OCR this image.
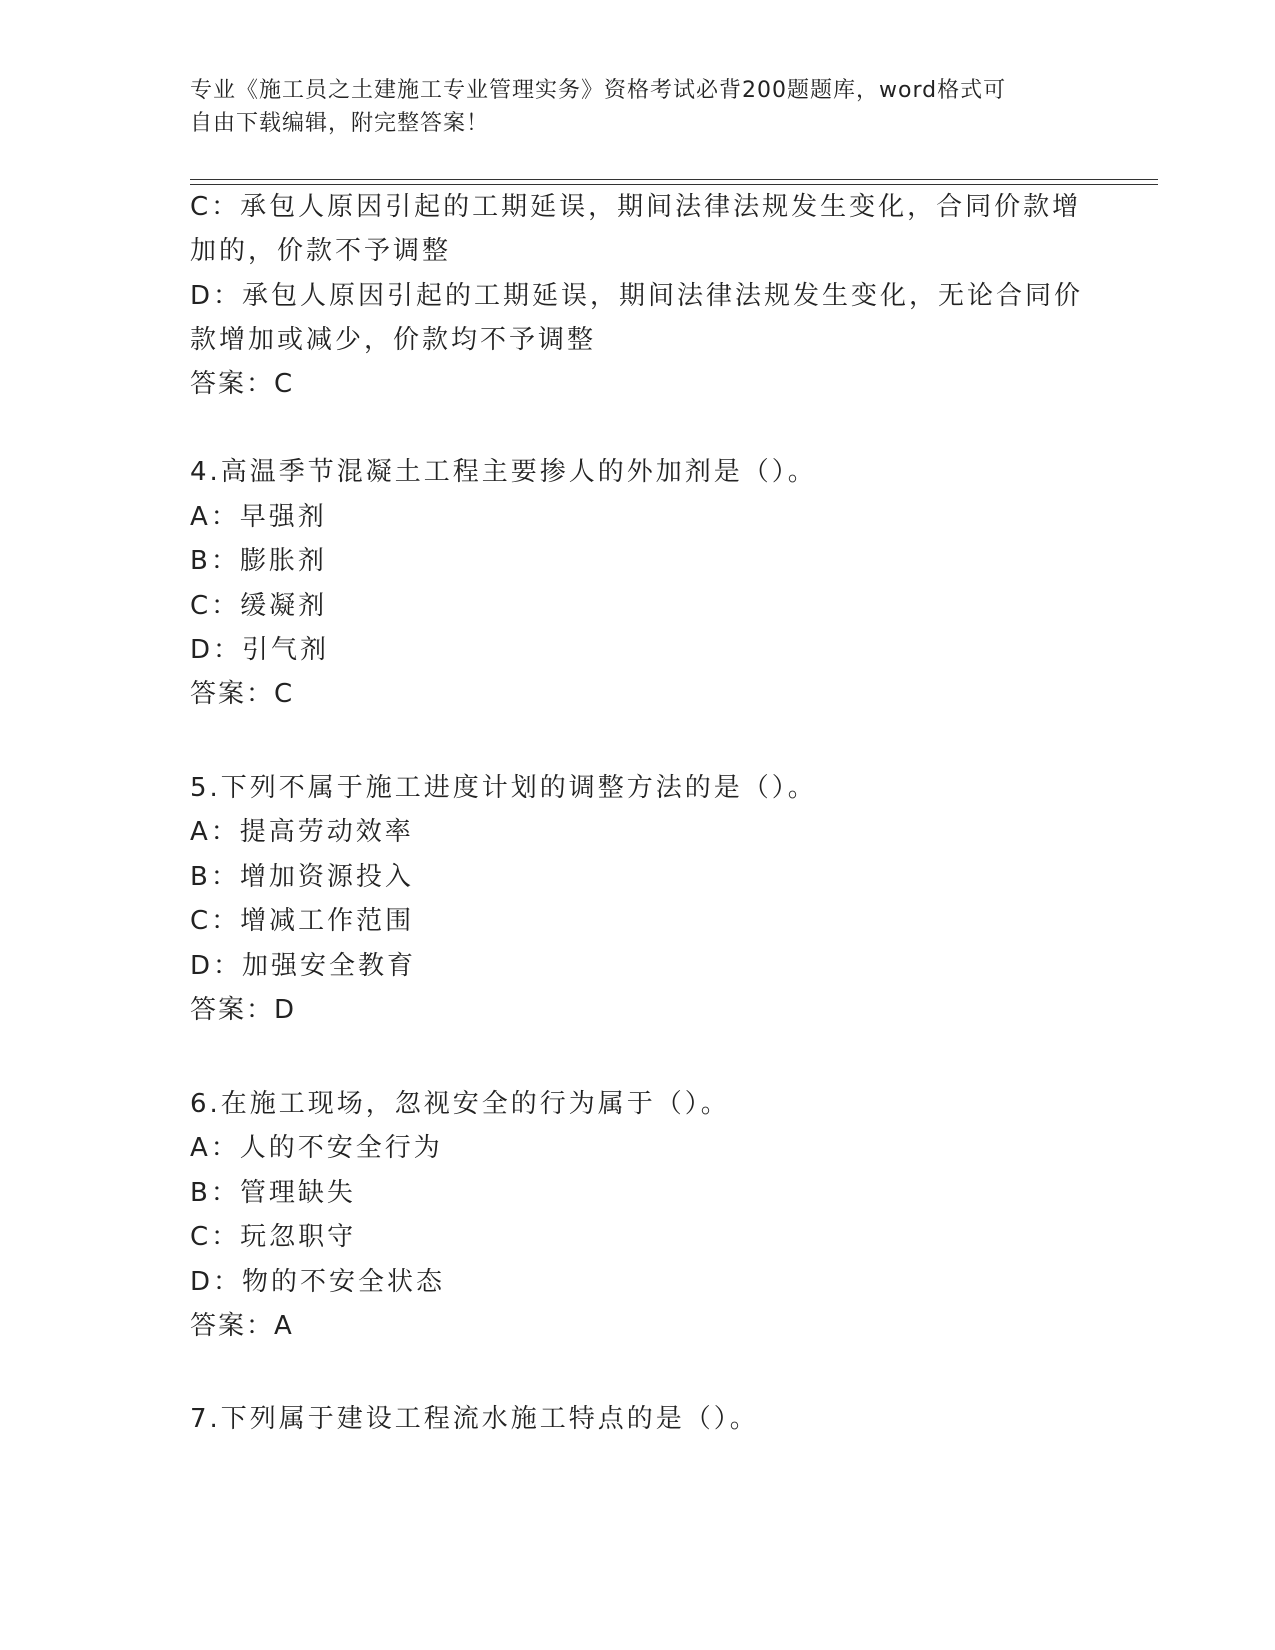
专业《施工员之土建施工专业管理实务》资格考试必背200题题库，word格式可
自由下载编辑，附完整答案！
C：承包人原因引起的工期延误，期间法律法规发生变化，合同价款增
加的，价款不予调整
D：承包人原因引起的工期延误，期间法律法规发生变化，无论合同价
款增加或减少，价款均不予调整
答案：C
4.高温季节混凝土工程主要掺人的外加剂是（）。
A：早强剂
B：膨胀剂
C：缓凝剂
D：引气剂
答案：C
5.下列不属于施工进度计划的调整方法的是（）。
A：提高劳动效率
B：增加资源投入
C：增减工作范围
D：加强安全教育
答案：D
6.在施工现场，忽视安全的行为属于（）。
A：人的不安全行为
B：管理缺失
C：玩忽职守
D：物的不安全状态
答案：A
7.下列属于建设工程流水施工特点的是（）。
